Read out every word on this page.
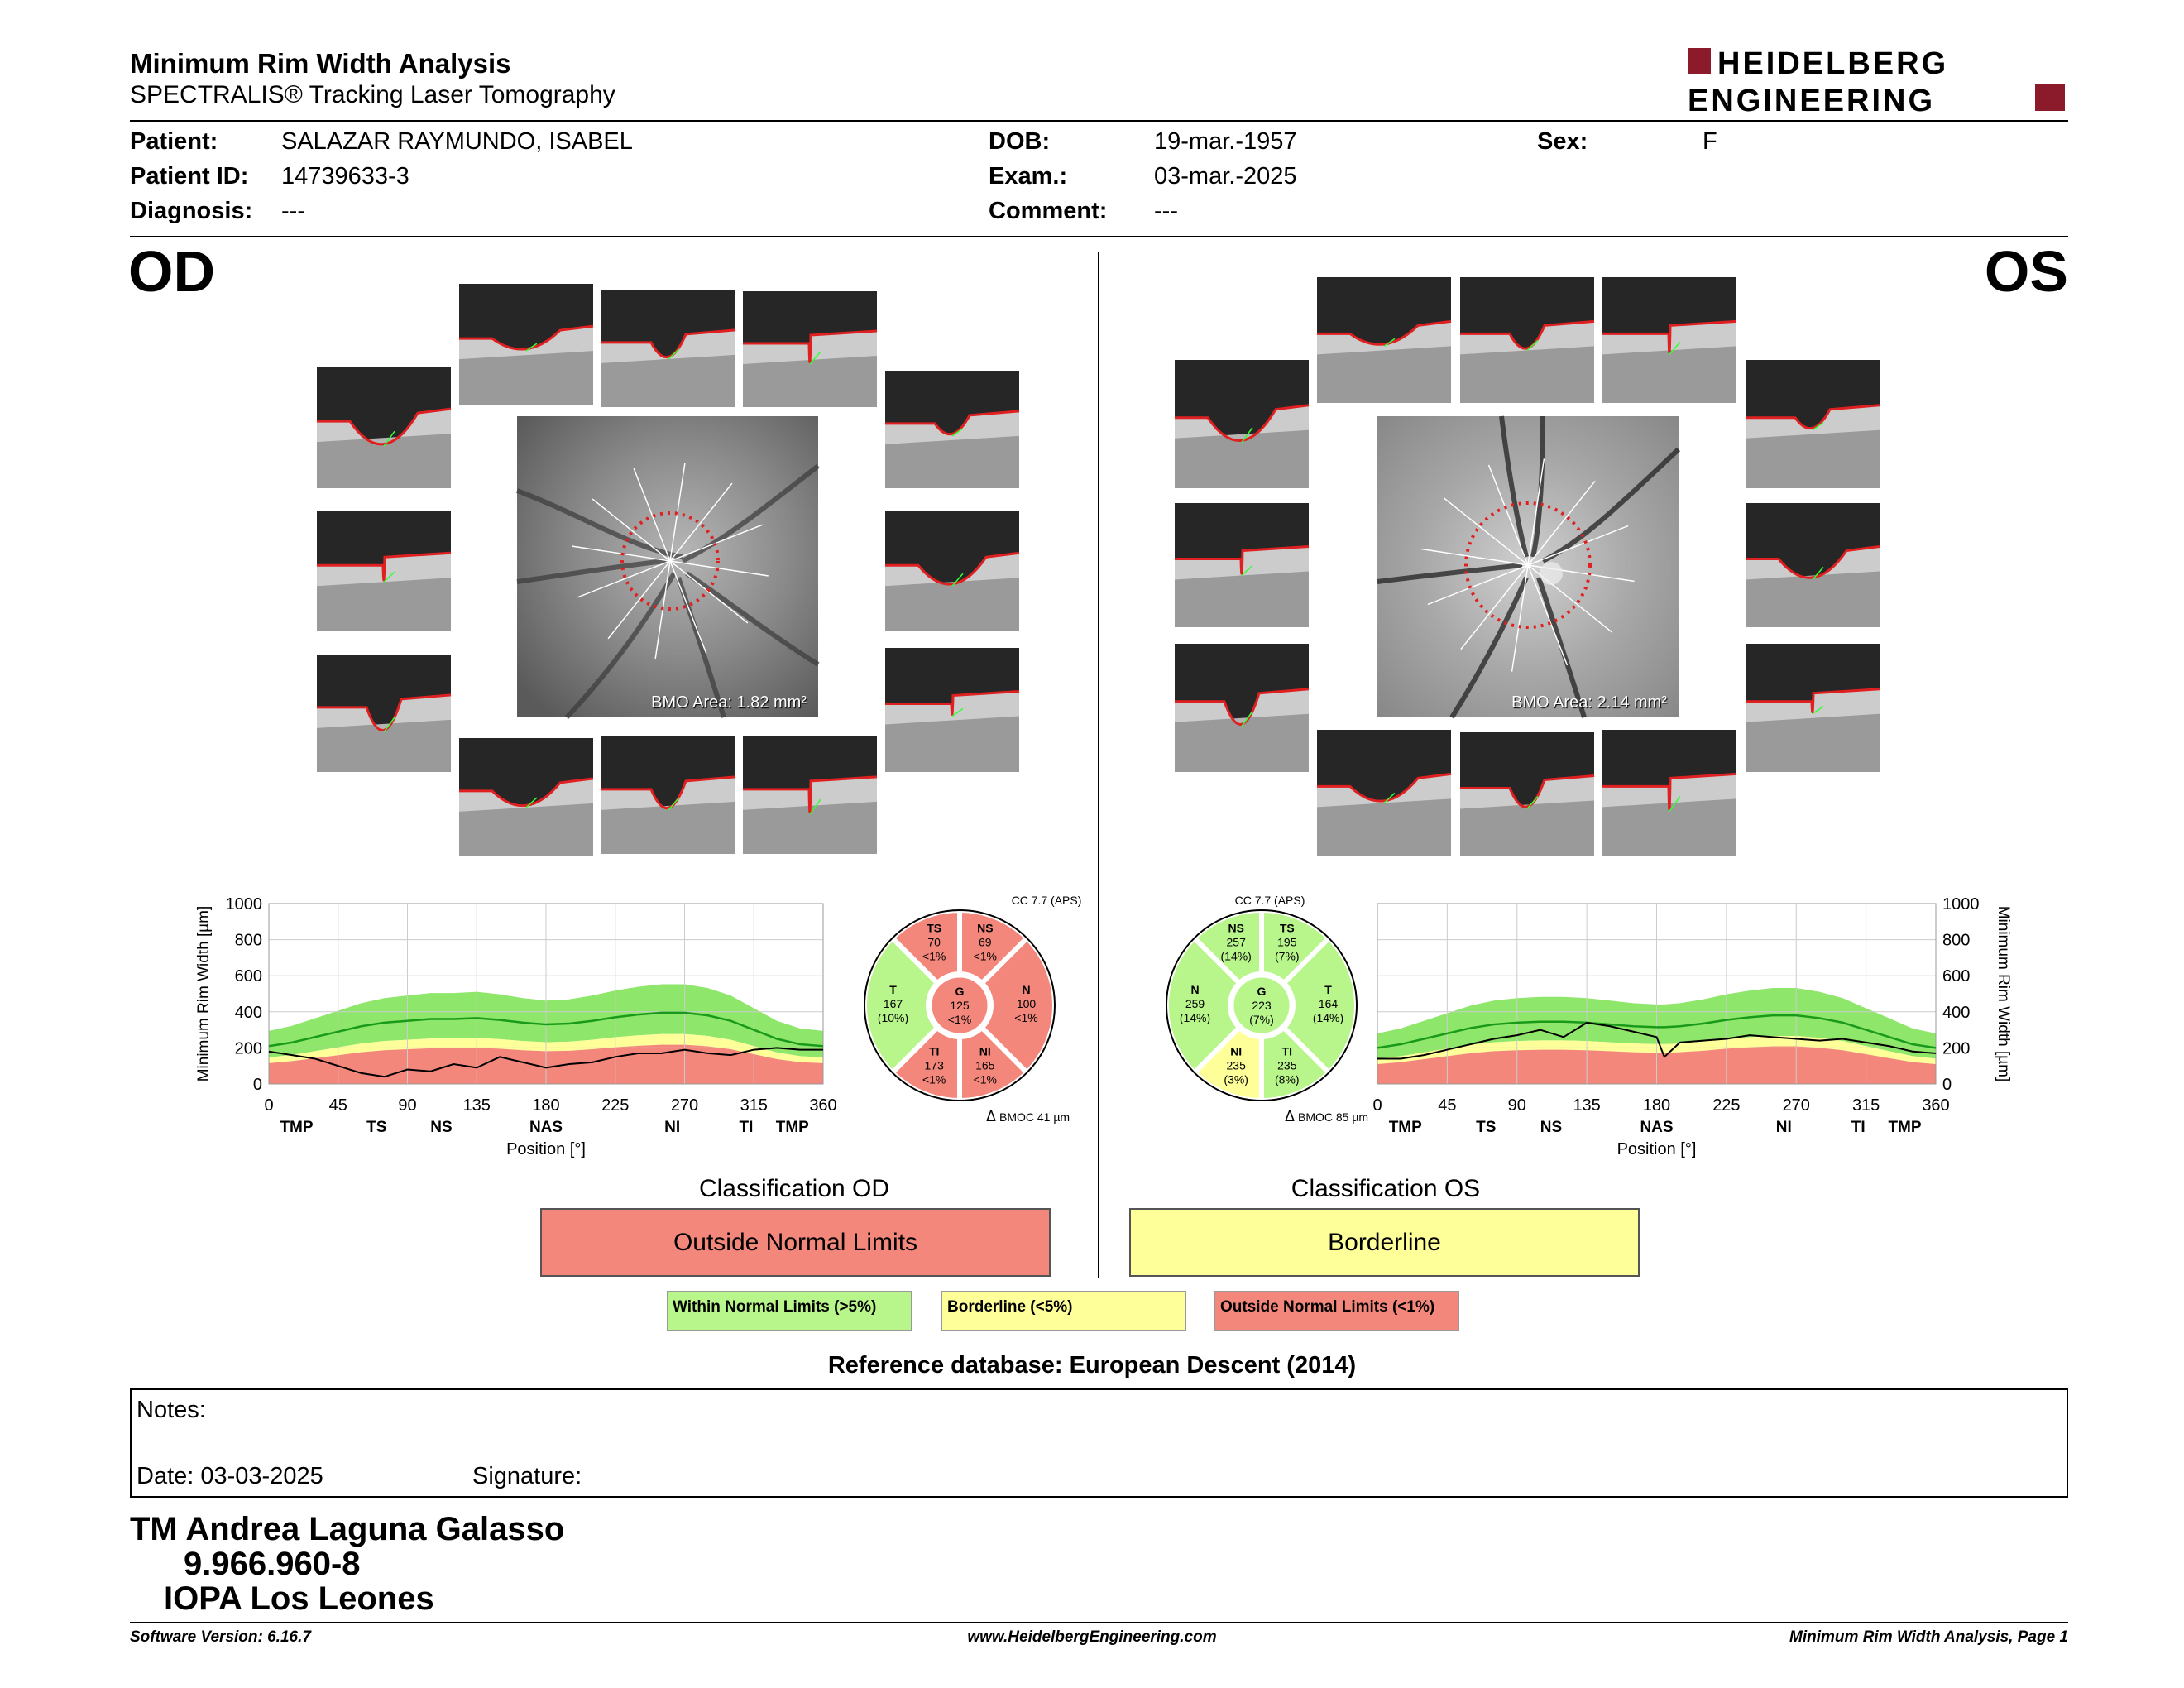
Minimum Rim Width Analysis
SPECTRALIS® Tracking Laser Tomography
HEIDELBERG
ENGINEERING
Patient:	SALAZAR RAYMUNDO, ISABEL
Patient ID: 14739633-3
Diagnosis: ---
DOB:	19-mar.-1957
Exam.:	03-mar.-2025
Comment: ---
Sex:	F
OD	OS
BMO Area: 1.82 mm²	BMO Area: 2.14 mm²
0
200
400
600
800
1000
0	45	90	135	180	225	270	315	360
TMP	TS	NS	NAS	NI	TI TMP
Position [°]
Minimum Rim Width [µm]
0
200
400
600
800
1000
0	45	90	135	180	225	270	315	360
TMP	TS	NS	NAS	NI	TI TMP
Position [°]
Minimum Rim Width [µm]
N
100
<1%
NS
69
<1%
TS
70
<1%
T
167
(10%)
TI
173
<1%
NI
165
<1%
G
125
<1%
CC 7.7 (APS)
Δ BMOC 41 µm
T
164
(14%)
TS
195
(7%)
NS
257
(14%)
N
259
(14%)
NI
235
(3%)
TI
235
(8%)
G
223
(7%)
CC 7.7 (APS)
Δ BMOC 85 µm
Classification OD
Outside Normal Limits
Classification OS
Borderline
Within Normal Limits (>5%)	Borderline (<5%)	Outside Normal Limits (<1%)
Reference database: European Descent (2014)
Notes:
Date: 03-03-2025	Signature:
TM Andrea Laguna Galasso
9.966.960-8
IOPA Los Leones
Software Version: 6.16.7	www.HeidelbergEngineering.com	Minimum Rim Width Analysis, Page 1
